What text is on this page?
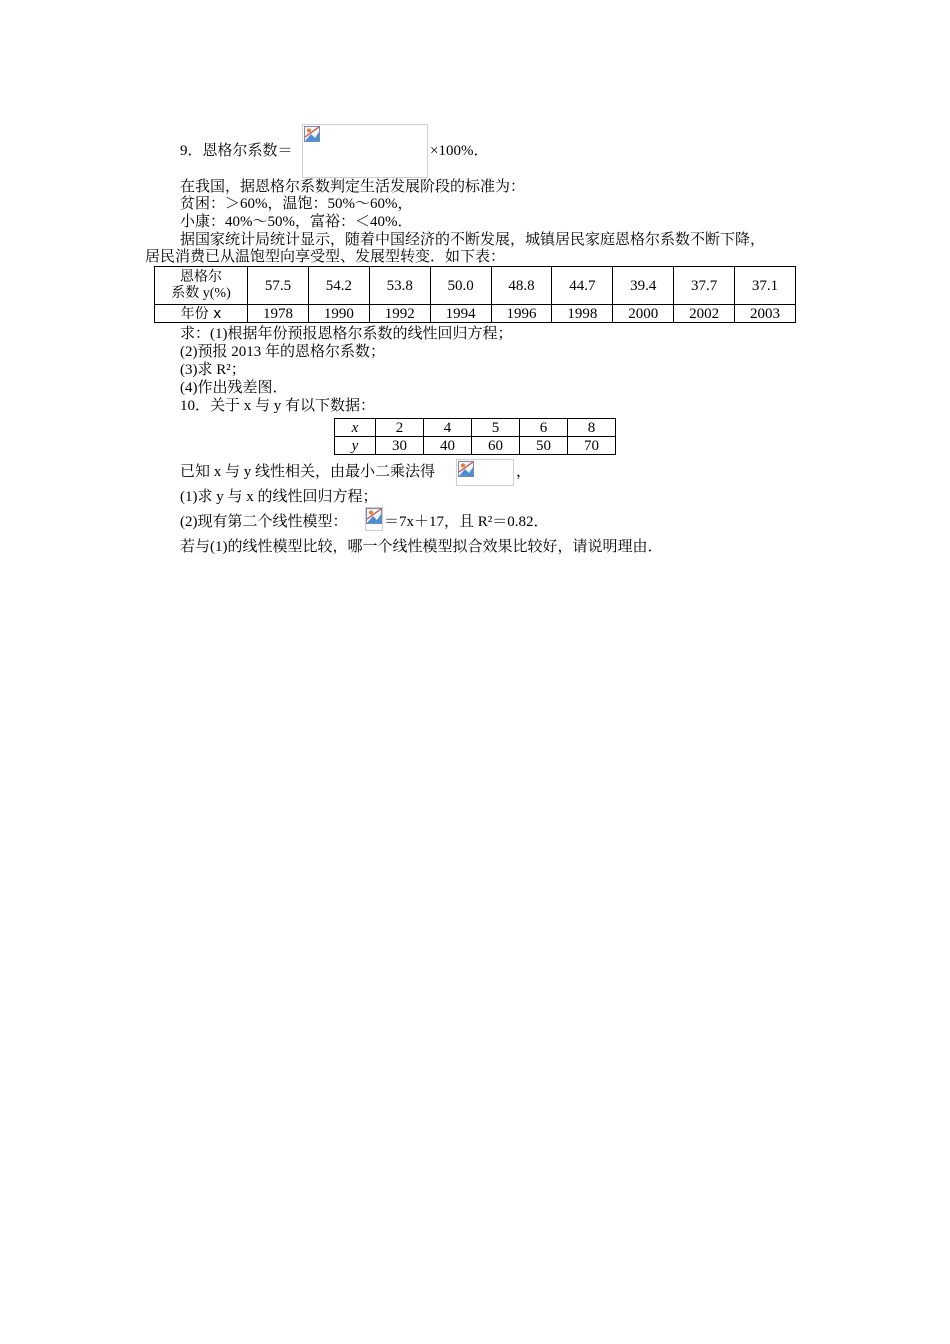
9．恩格尔系数＝	×100%．
在我国，据恩格尔系数判定生活发展阶段的标准为：
贫困：＞60%，温饱：50%～60%，
小康：40%～50%，富裕：＜40%．
据国家统计局统计显示，随着中国经济的不断发展，城镇居民家庭恩格尔系数不断下降，
居民消费已从温饱型向享受型、发展型转变．如下表：
恩格尔
系数 y(%)	57.5	54.2	53.8	50.0	48.8	44.7	39.4	37.7	37.1
年份 x	1978	1990	1992	1994	1996	1998	2000	2002	2003
求：(1)根据年份预报恩格尔系数的线性回归方程；
(2)预报 2013 年的恩格尔系数；
(3)求 R²；
(4)作出残差图．
10．关于 x 与 y 有以下数据：
x	2	4	5	6	8
y	30	40	60	50	70
已知 x 与 y 线性相关，由最小二乘法得	，
(1)求 y 与 x 的线性回归方程；
(2)现有第二个线性模型： ＝7x＋17，且 R²＝0.82．
若与(1)的线性模型比较，哪一个线性模型拟合效果比较好，请说明理由．
